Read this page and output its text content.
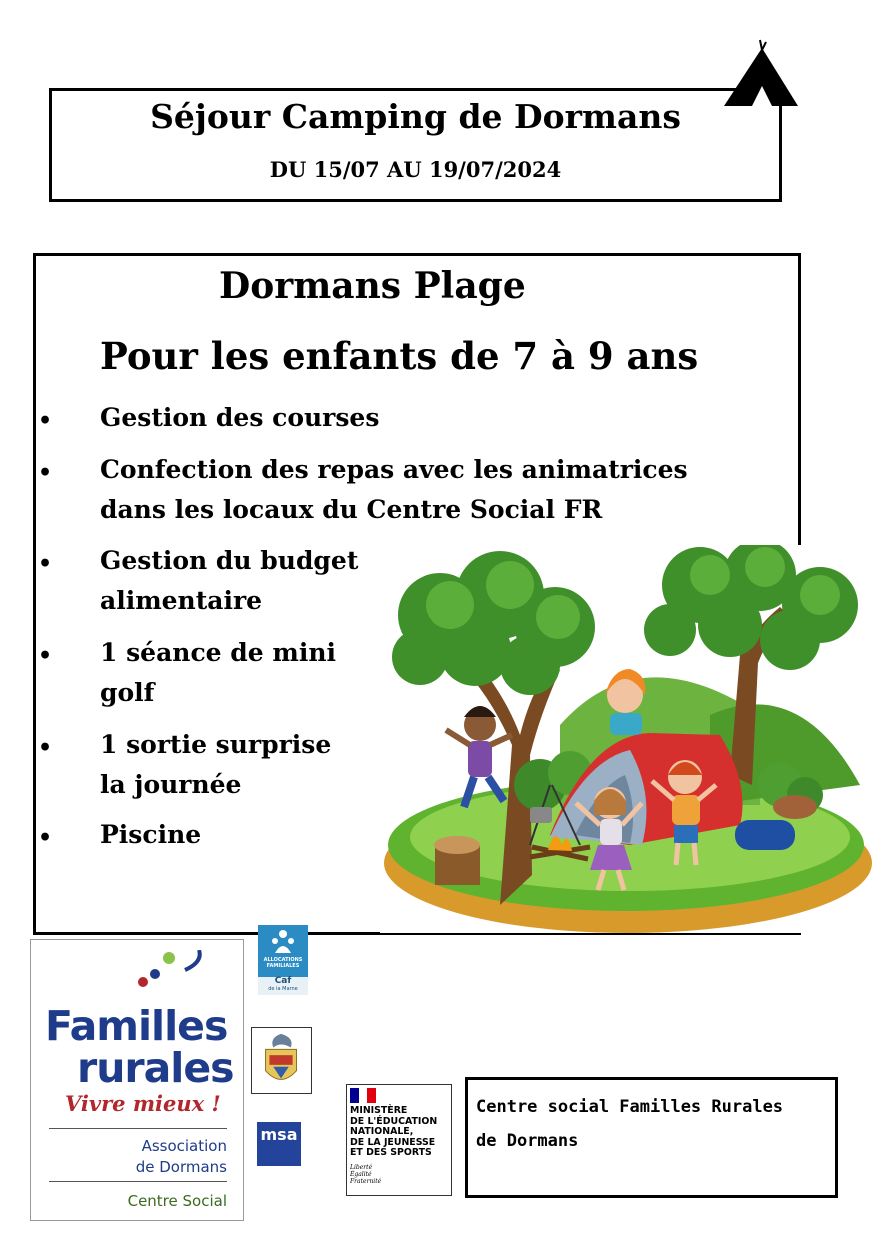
Séjour Camping de Dormans
DU 15/07 AU 19/07/2024
Dormans Plage
Pour les enfants de 7 à 9 ans
• Gestion des courses
• Confection des repas avec les animatrices
dans les locaux du Centre Social FR
• Gestion du budget
alimentaire
• 1 séance de mini
golf
• 1 sortie surprise
la journée
• Piscine
Familles
rurales
Vivre mieux !
Association
de Dormans
Centre Social
ALLOCATIONS FAMILIALES
Caf
de la Marne
msa
MINISTÈRE
DE L'ÉDUCATION
NATIONALE,
DE LA JEUNESSE
ET DES SPORTS
Liberté
Égalité
Fraternité
Centre social Familles Rurales
de Dormans
